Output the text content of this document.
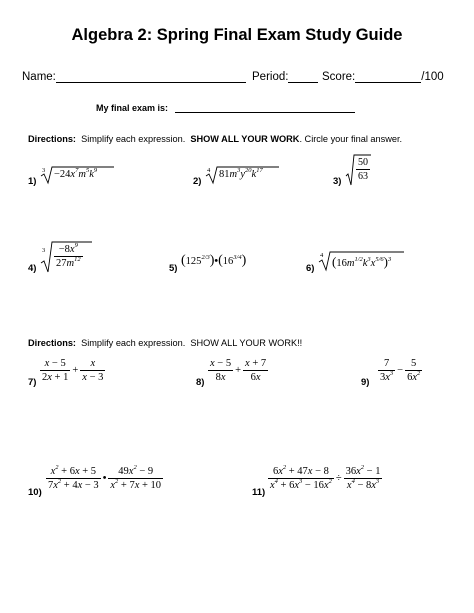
Algebra 2: Spring Final Exam Study Guide
Name:	Period:	Score:	/100
My final exam is:
Directions:  Simplify each expression.  SHOW ALL YOUR WORK. Circle your final answer.
1)
$3 -24x^7m^5k^9$
2)
4 $81m^3y^{20}k^{17}$
$3) \frac{50}{63}$
4)
$3 \frac{-8x^9}{27m^{12}}$	5)
$(125^{2/3})•(16^{3/4})$
6)
4 $(16m^{1/2}k^3x^{5/6})^3$
Directions:  Simplify each expression.  SHOW ALL YOUR WORK!!
$7) \frac{x - 5}{2x + 1} + \frac{x}{x - 3}$	$8) \frac{x - 5}{8x} + \frac{x + 7}{6x}$	$9) \frac{7}{3x^3} - \frac{5}{6x^2}$
10)
$\frac{x^2 + 6x + 5}{7x^2 + 4x - 3}$ • $\frac{49x^2 - 9}{x^2 + 7x + 10}$
11)
$\frac{6x^2 + 47x - 8}{x^4 + 6x^3 - 16x^2} \div \frac{36x^2 - 1}{x^4 - 8x^3}$
